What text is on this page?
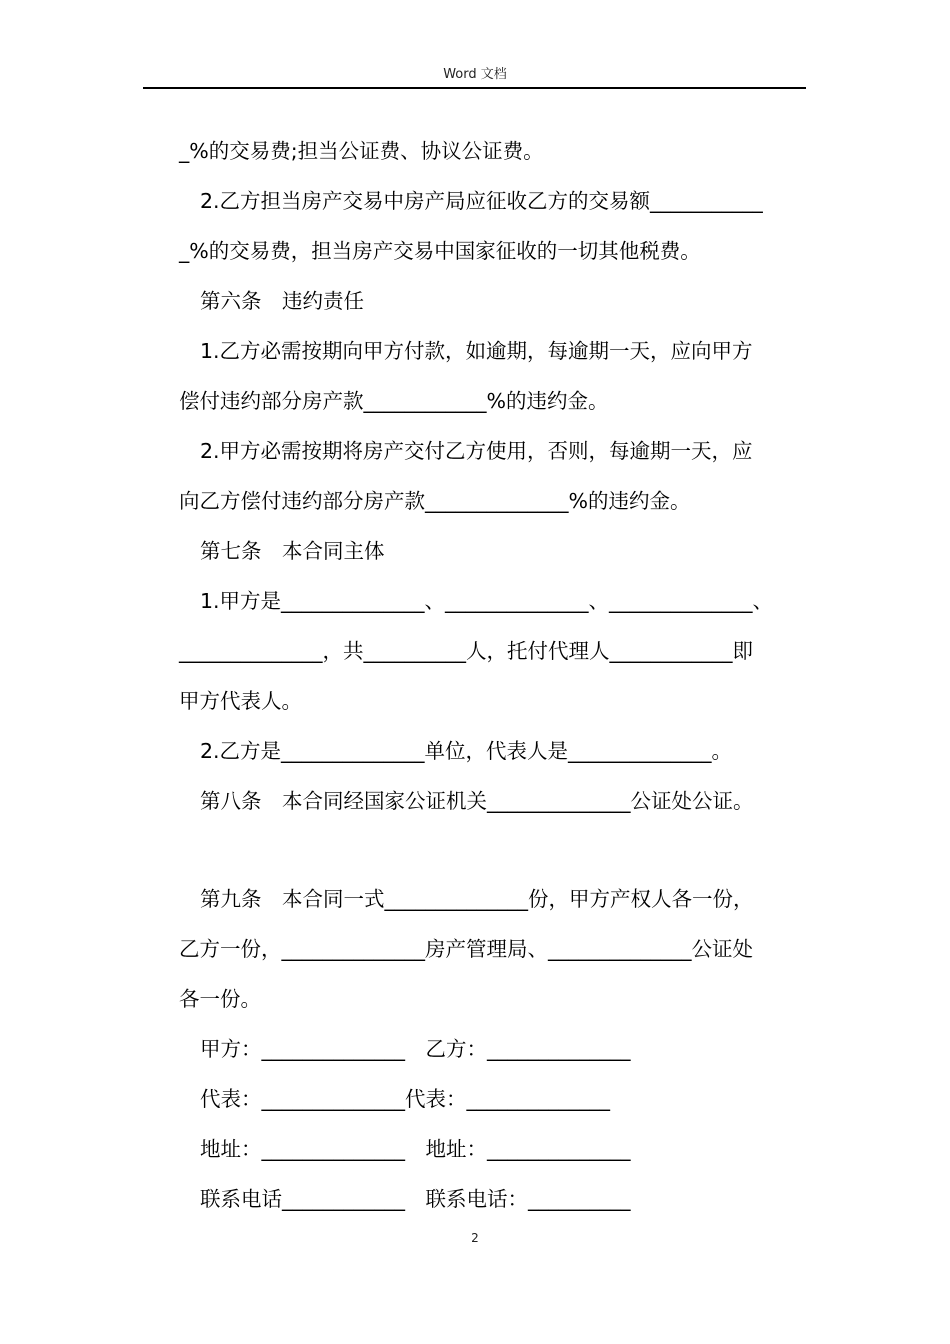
Word 文档
_%的交易费;担当公证费、协议公证费。
2.乙方担当房产交易中房产局应征收乙方的交易额___________
_%的交易费，担当房产交易中国家征收的一切其他税费。
第六条　违约责任
1.乙方必需按期向甲方付款，如逾期，每逾期一天，应向甲方
偿付违约部分房产款____________%的违约金。
2.甲方必需按期将房产交付乙方使用，否则，每逾期一天，应
向乙方偿付违约部分房产款______________%的违约金。
第七条　本合同主体
1.甲方是______________、______________、______________、
______________，共__________人，托付代理人____________即
甲方代表人。
2.乙方是______________单位，代表人是______________。
第八条　本合同经国家公证机关______________公证处公证。
第九条　本合同一式______________份，甲方产权人各一份，
乙方一份，______________房产管理局、______________公证处
各一份。
甲方：______________　乙方：______________
代表：______________代表：______________
地址：______________　地址：______________
联系电话____________　联系电话：__________
2
